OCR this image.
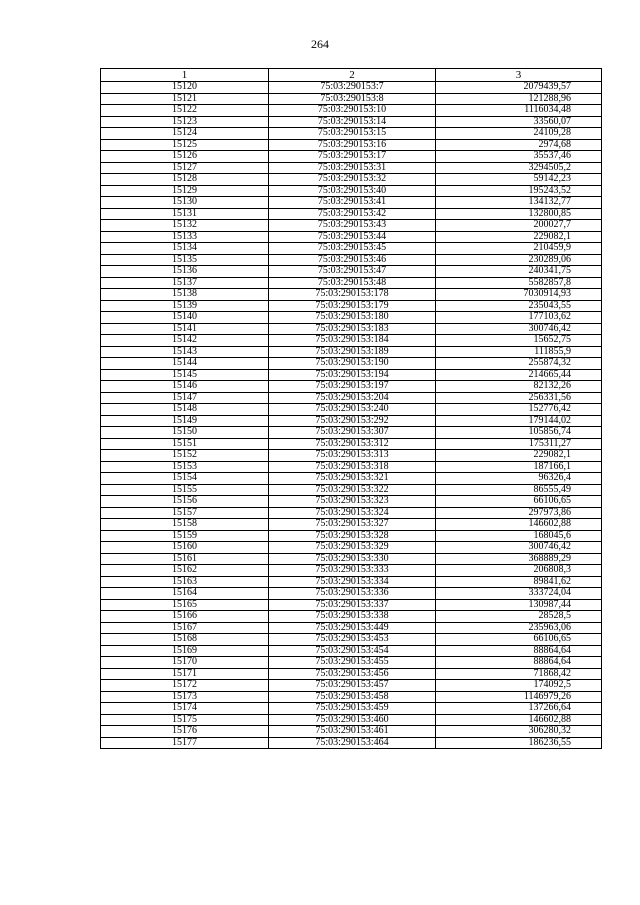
264
1	2	3
15120	75:03:290153:7	2079439,57
15121	75:03:290153:8	121288,96
15122	75:03:290153:10	1116034,48
15123	75:03:290153:14	33560,07
15124	75:03:290153:15	24109,28
15125	75:03:290153:16	2974,68
15126	75:03:290153:17	35537,46
15127	75:03:290153:31	3294505,2
15128	75:03:290153:32	59142,23
15129	75:03:290153:40	195243,52
15130	75:03:290153:41	134132,77
15131	75:03:290153:42	132800,85
15132	75:03:290153:43	200027,7
15133	75:03:290153:44	229082,1
15134	75:03:290153:45	210459,9
15135	75:03:290153:46	230289,06
15136	75:03:290153:47	240341,75
15137	75:03:290153:48	5582857,8
15138	75:03:290153:178	7030914,93
15139	75:03:290153:179	235043,55
15140	75:03:290153:180	177103,62
15141	75:03:290153:183	300746,42
15142	75:03:290153:184	15652,75
15143	75:03:290153:189	111855,9
15144	75:03:290153:190	255874,32
15145	75:03:290153:194	214665,44
15146	75:03:290153:197	82132,26
15147	75:03:290153:204	256331,56
15148	75:03:290153:240	152776,42
15149	75:03:290153:292	179144,02
15150	75:03:290153:307	105856,74
15151	75:03:290153:312	175311,27
15152	75:03:290153:313	229082,1
15153	75:03:290153:318	187166,1
15154	75:03:290153:321	96326,4
15155	75:03:290153:322	86555,49
15156	75:03:290153:323	66106,65
15157	75:03:290153:324	297973,86
15158	75:03:290153:327	146602,88
15159	75:03:290153:328	168045,6
15160	75:03:290153:329	300746,42
15161	75:03:290153:330	368889,29
15162	75:03:290153:333	206808,3
15163	75:03:290153:334	89841,62
15164	75:03:290153:336	333724,04
15165	75:03:290153:337	130987,44
15166	75:03:290153:338	28528,5
15167	75:03:290153:449	235963,06
15168	75:03:290153:453	66106,65
15169	75:03:290153:454	88864,64
15170	75:03:290153:455	88864,64
15171	75:03:290153:456	71868,42
15172	75:03:290153:457	174092,5
15173	75:03:290153:458	1146979,26
15174	75:03:290153:459	137266,64
15175	75:03:290153:460	146602,88
15176	75:03:290153:461	306280,32
15177	75:03:290153:464	186236,55
